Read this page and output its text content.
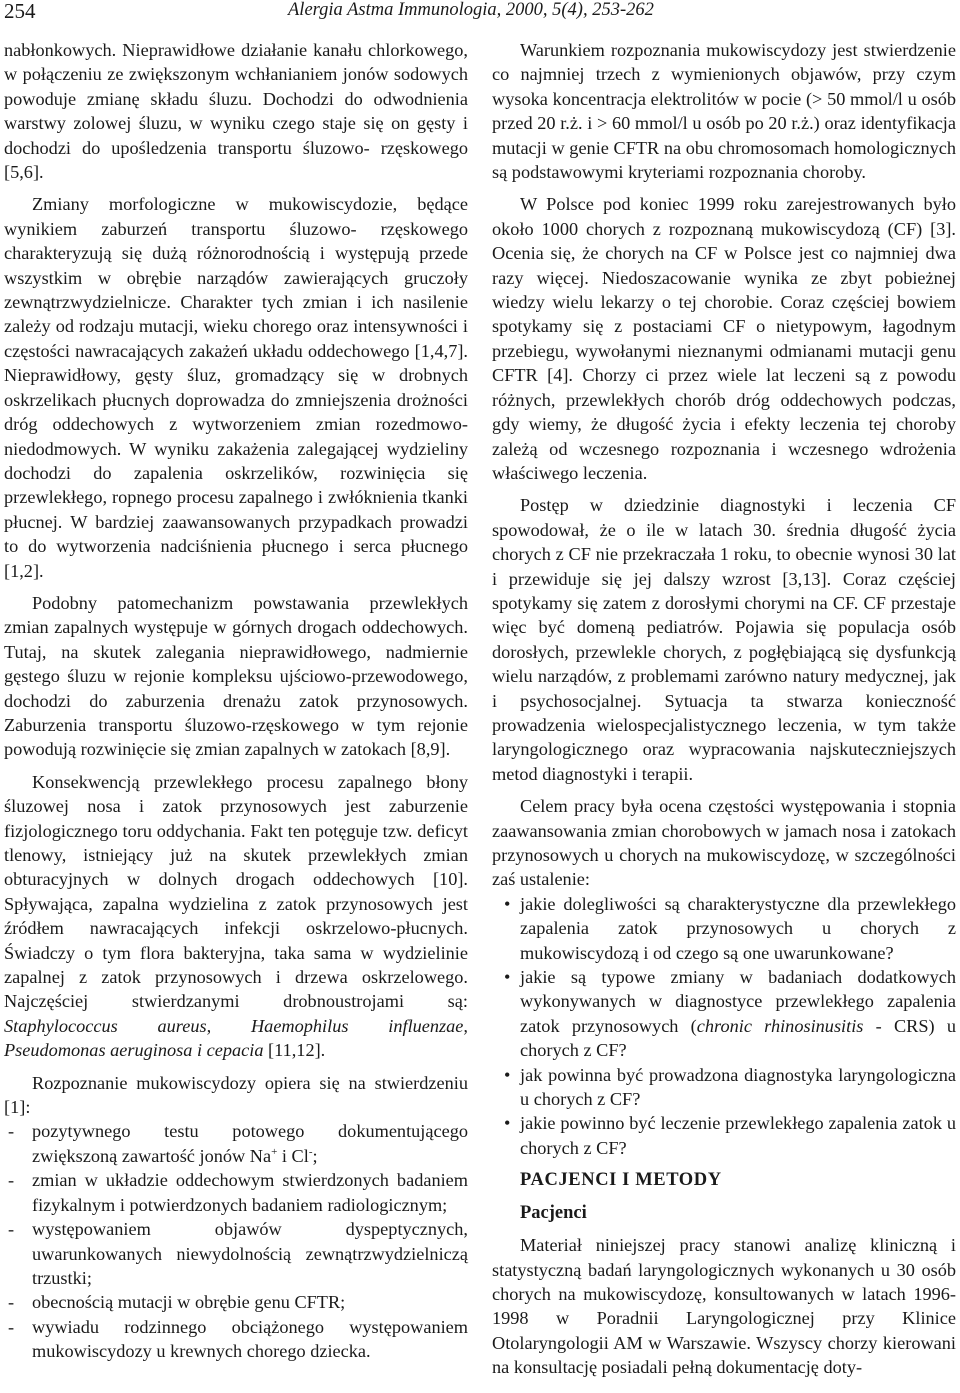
254	Alergia Astma Immunologia, 2000, 5(4), 253-262

nabłonkowych. Nieprawidłowe działanie kanału chlorkowego, w połączeniu ze zwiększonym wchłanianiem jonów sodowych powoduje zmianę składu śluzu. Dochodzi do odwodnienia warstwy zolowej śluzu, w wyniku czego staje się on gęsty i dochodzi do upośledzenia transportu śluzowo- rzęskowego [5,6].

Zmiany morfologiczne w mukowiscydozie, będące wynikiem zaburzeń transportu śluzowo- rzęskowego charakteryzują się dużą różnorodnością i występują przede wszystkim w obrębie narządów zawierających gruczoły zewnątrzwydzielnicze. Charakter tych zmian i ich nasilenie zależy od rodzaju mutacji, wieku chorego oraz intensywności i częstości nawracających zakażeń układu oddechowego [1,4,7]. Nieprawidłowy, gęsty śluz, gromadzący się w drobnych oskrzelikach płucnych doprowadza do zmniejszenia drożności dróg oddechowych z wytworzeniem zmian rozedmowo-niedodmowych. W wyniku zakażenia zalegającej wydzieliny dochodzi do zapalenia oskrzelików, rozwinięcia się przewlekłego, ropnego procesu zapalnego i zwłóknienia tkanki płucnej. W bardziej zaawansowanych przypadkach prowadzi to do wytworzenia nadciśnienia płucnego i serca płucnego [1,2].

Podobny patomechanizm powstawania przewlekłych zmian zapalnych występuje w górnych drogach oddechowych. Tutaj, na skutek zalegania nieprawidłowego, nadmiernie gęstego śluzu w rejonie kompleksu ujściowo-przewodowego, dochodzi do zaburzenia drenażu zatok przynosowych. Zaburzenia transportu śluzowo-rzęskowego w tym rejonie powodują rozwinięcie się zmian zapalnych w zatokach [8,9].

Konsekwencją przewlekłego procesu zapalnego błony śluzowej nosa i zatok przynosowych jest zaburzenie fizjologicznego toru oddychania. Fakt ten potęguje tzw. deficyt tlenowy, istniejący już na skutek przewlekłych zmian obturacyjnych w dolnych drogach oddechowych [10]. Spływająca, zapalna wydzielina z zatok przynosowych jest źródłem nawracających infekcji oskrzelowo-płucnych. Świadczy o tym flora bakteryjna, taka sama w wydzielinie zapalnej z zatok przynosowych i drzewa oskrzelowego. Najczęściej stwierdzanymi drobnoustrojami są: Staphylococcus aureus, Haemophilus influenzae, Pseudomonas aeruginosa i cepacia [11,12].

Rozpoznanie mukowiscydozy opiera się na stwierdzeniu [1]:

- pozytywnego testu potowego dokumentującego zwiększoną zawartość jonów Na+ i Cl-;
- zmian w układzie oddechowym stwierdzonych badaniem fizykalnym i potwierdzonych badaniem radiologicznym;
- występowaniem objawów dyspeptycznych, uwarunkowanych niewydolnością zewnątrzwydzielniczą trzustki;
- obecnością mutacji w obrębie genu CFTR;
- wywiadu rodzinnego obciążonego występowaniem mukowiscydozy u krewnych chorego dziecka.

Warunkiem rozpoznania mukowiscydozy jest stwierdzenie co najmniej trzech z wymienionych objawów, przy czym wysoka koncentracja elektrolitów w pocie (> 50 mmol/l u osób przed 20 r.ż. i > 60 mmol/l u osób po 20 r.ż.) oraz identyfikacja mutacji w genie CFTR na obu chromosomach homologicznych są podstawowymi kryteriami rozpoznania choroby.

W Polsce pod koniec 1999 roku zarejestrowanych było około 1000 chorych z rozpoznaną mukowiscydozą (CF) [3]. Ocenia się, że chorych na CF w Polsce jest co najmniej dwa razy więcej. Niedoszacowanie wynika ze zbyt pobieżnej wiedzy wielu lekarzy o tej chorobie. Coraz częściej bowiem spotykamy się z postaciami CF o nietypowym, łagodnym przebiegu, wywołanymi nieznanymi odmianami mutacji genu CFTR [4]. Chorzy ci przez wiele lat leczeni są z powodu różnych, przewlekłych chorób dróg oddechowych podczas, gdy wiemy, że długość życia i efekty leczenia tej choroby zależą od wczesnego rozpoznania i wczesnego wdrożenia właściwego leczenia.

Postęp w dziedzinie diagnostyki i leczenia CF spowodował, że o ile w latach 30. średnia długość życia chorych z CF nie przekraczała 1 roku, to obecnie wynosi 30 lat i przewiduje się jej dalszy wzrost [3,13]. Coraz częściej spotykamy się zatem z dorosłymi chorymi na CF. CF przestaje więc być domeną pediatrów. Pojawia się populacja osób dorosłych, przewlekle chorych, z pogłębiającą się dysfunkcją wielu narządów, z problemami zarówno natury medycznej, jak i psychosocjalnej. Sytuacja ta stwarza konieczność prowadzenia wielospecjalistycznego leczenia, w tym także laryngologicznego oraz wypracowania najskuteczniejszych metod diagnostyki i terapii.

Celem pracy była ocena częstości występowania i stopnia zaawansowania zmian chorobowych w jamach nosa i zatokach przynosowych u chorych na mukowiscydozę, w szczególności zaś ustalenie:

• jakie dolegliwości są charakterystyczne dla przewlekłego zapalenia zatok przynosowych u chorych z mukowiscydozą i od czego są one uwarunkowane?
• jakie są typowe zmiany w badaniach dodatkowych wykonywanych w diagnostyce przewlekłego zapalenia zatok przynosowych (chronic rhinosinusitis - CRS) u chorych z CF?
• jak powinna być prowadzona diagnostyka laryngologiczna u chorych z CF?
• jakie powinno być leczenie przewlekłego zapalenia zatok u chorych z CF?

PACJENCI I METODY

Pacjenci

Materiał niniejszej pracy stanowi analizę kliniczną i statystyczną badań laryngologicznych wykonanych u 30 osób chorych na mukowiscydozę, konsultowanych w latach 1996-1998 w Poradnii Laryngologicznej przy Klinice Otolaryngologii AM w Warszawie. Wszyscy chorzy kierowani na konsultację posiadali pełną dokumentację doty-
